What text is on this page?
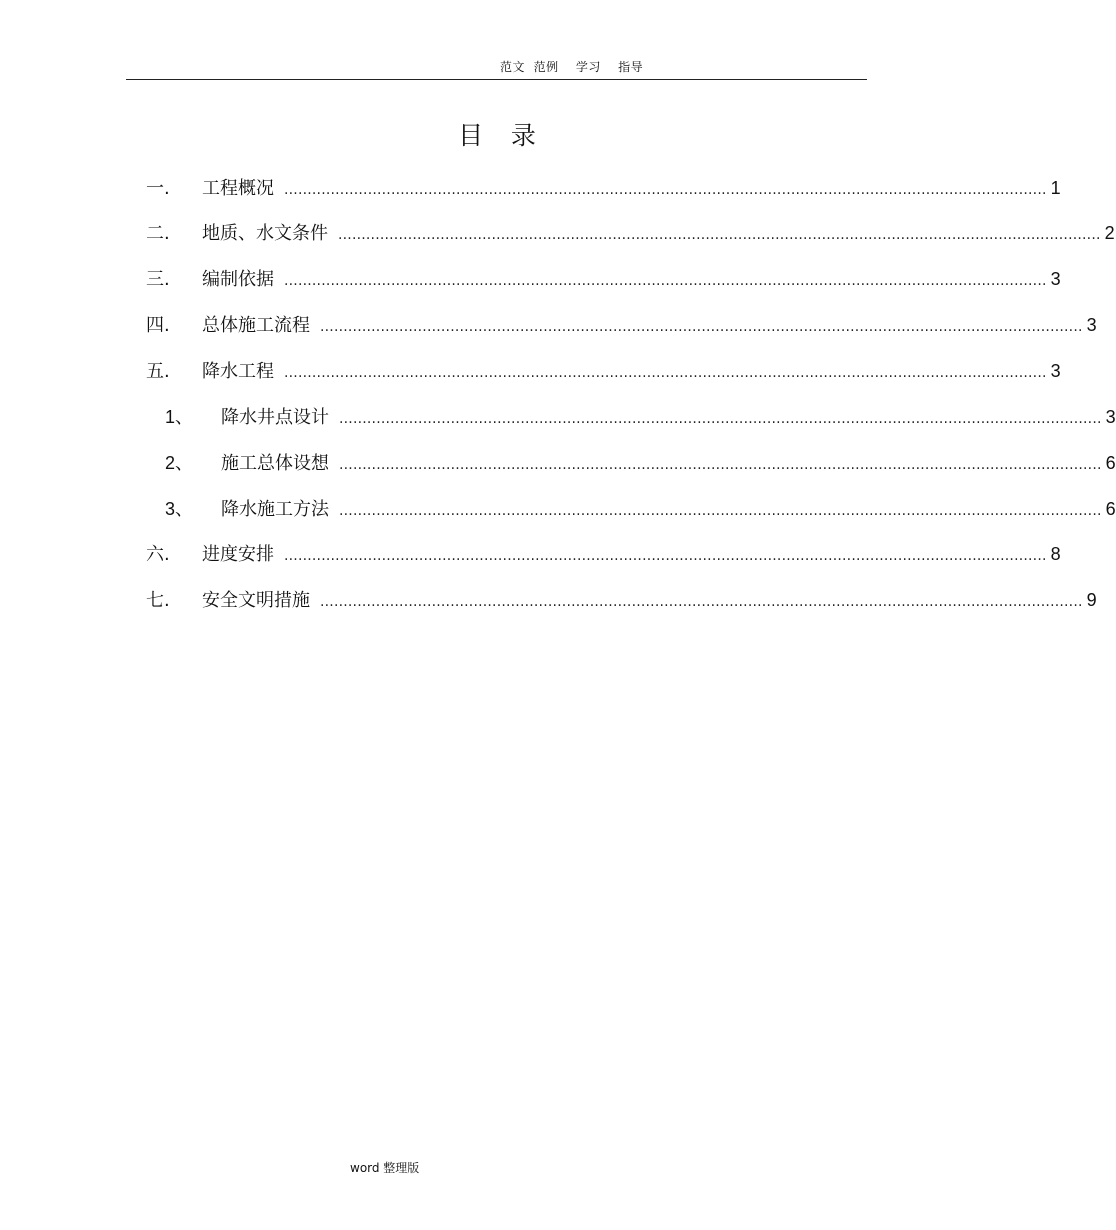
范文  范例    学习    指导
目   录
一.	工程概况 .................................................................................................................................................................... 1
二.	地质、水文条件 .................................................................................................................................................................... 2
三.	编制依据 .................................................................................................................................................................... 3
四.	总体施工流程 .................................................................................................................................................................... 3
五.	降水工程 .................................................................................................................................................................... 3
1、	降水井点设计 .................................................................................................................................................................... 3
2、	施工总体设想 .................................................................................................................................................................... 6
3、	降水施工方法 .................................................................................................................................................................... 6
六.	进度安排 .................................................................................................................................................................... 8
七.	安全文明措施 .................................................................................................................................................................... 9
word 整理版
